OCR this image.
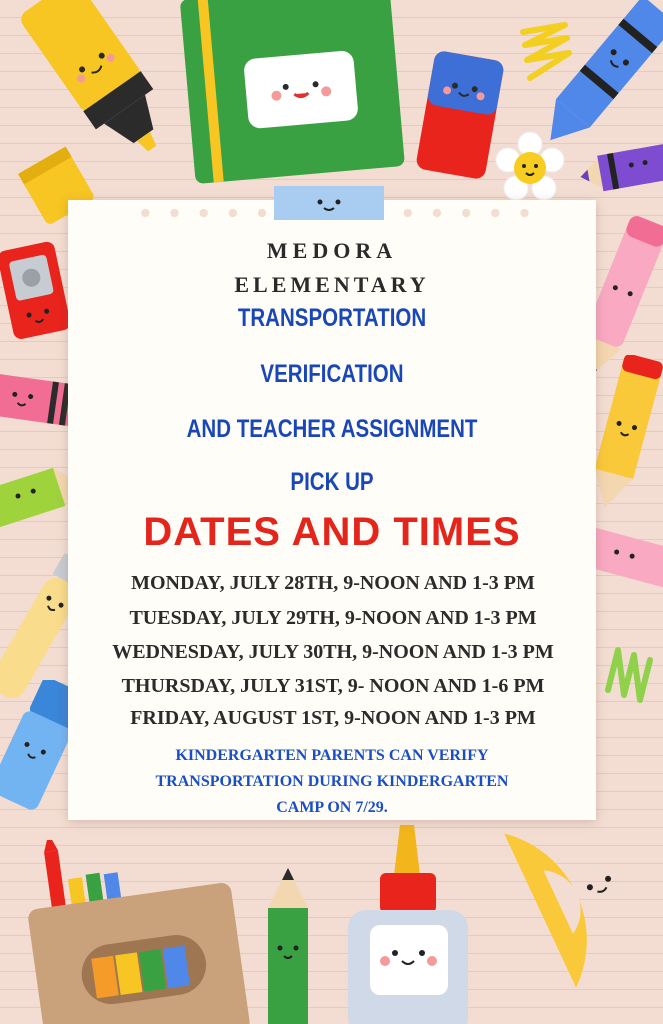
MEDORA
ELEMENTARY
TRANSPORTATION
VERIFICATION
AND TEACHER ASSIGNMENT
PICK UP
DATES AND TIMES
MONDAY, JULY 28TH, 9-NOON AND 1-3 PM
TUESDAY, JULY 29TH, 9-NOON AND 1-3 PM
WEDNESDAY, JULY 30TH, 9-NOON AND 1-3 PM
THURSDAY, JULY 31ST, 9- NOON AND 1-6 PM
FRIDAY, AUGUST 1ST, 9-NOON AND 1-3 PM
KINDERGARTEN PARENTS CAN VERIFY
TRANSPORTATION DURING KINDERGARTEN
CAMP ON 7/29.
